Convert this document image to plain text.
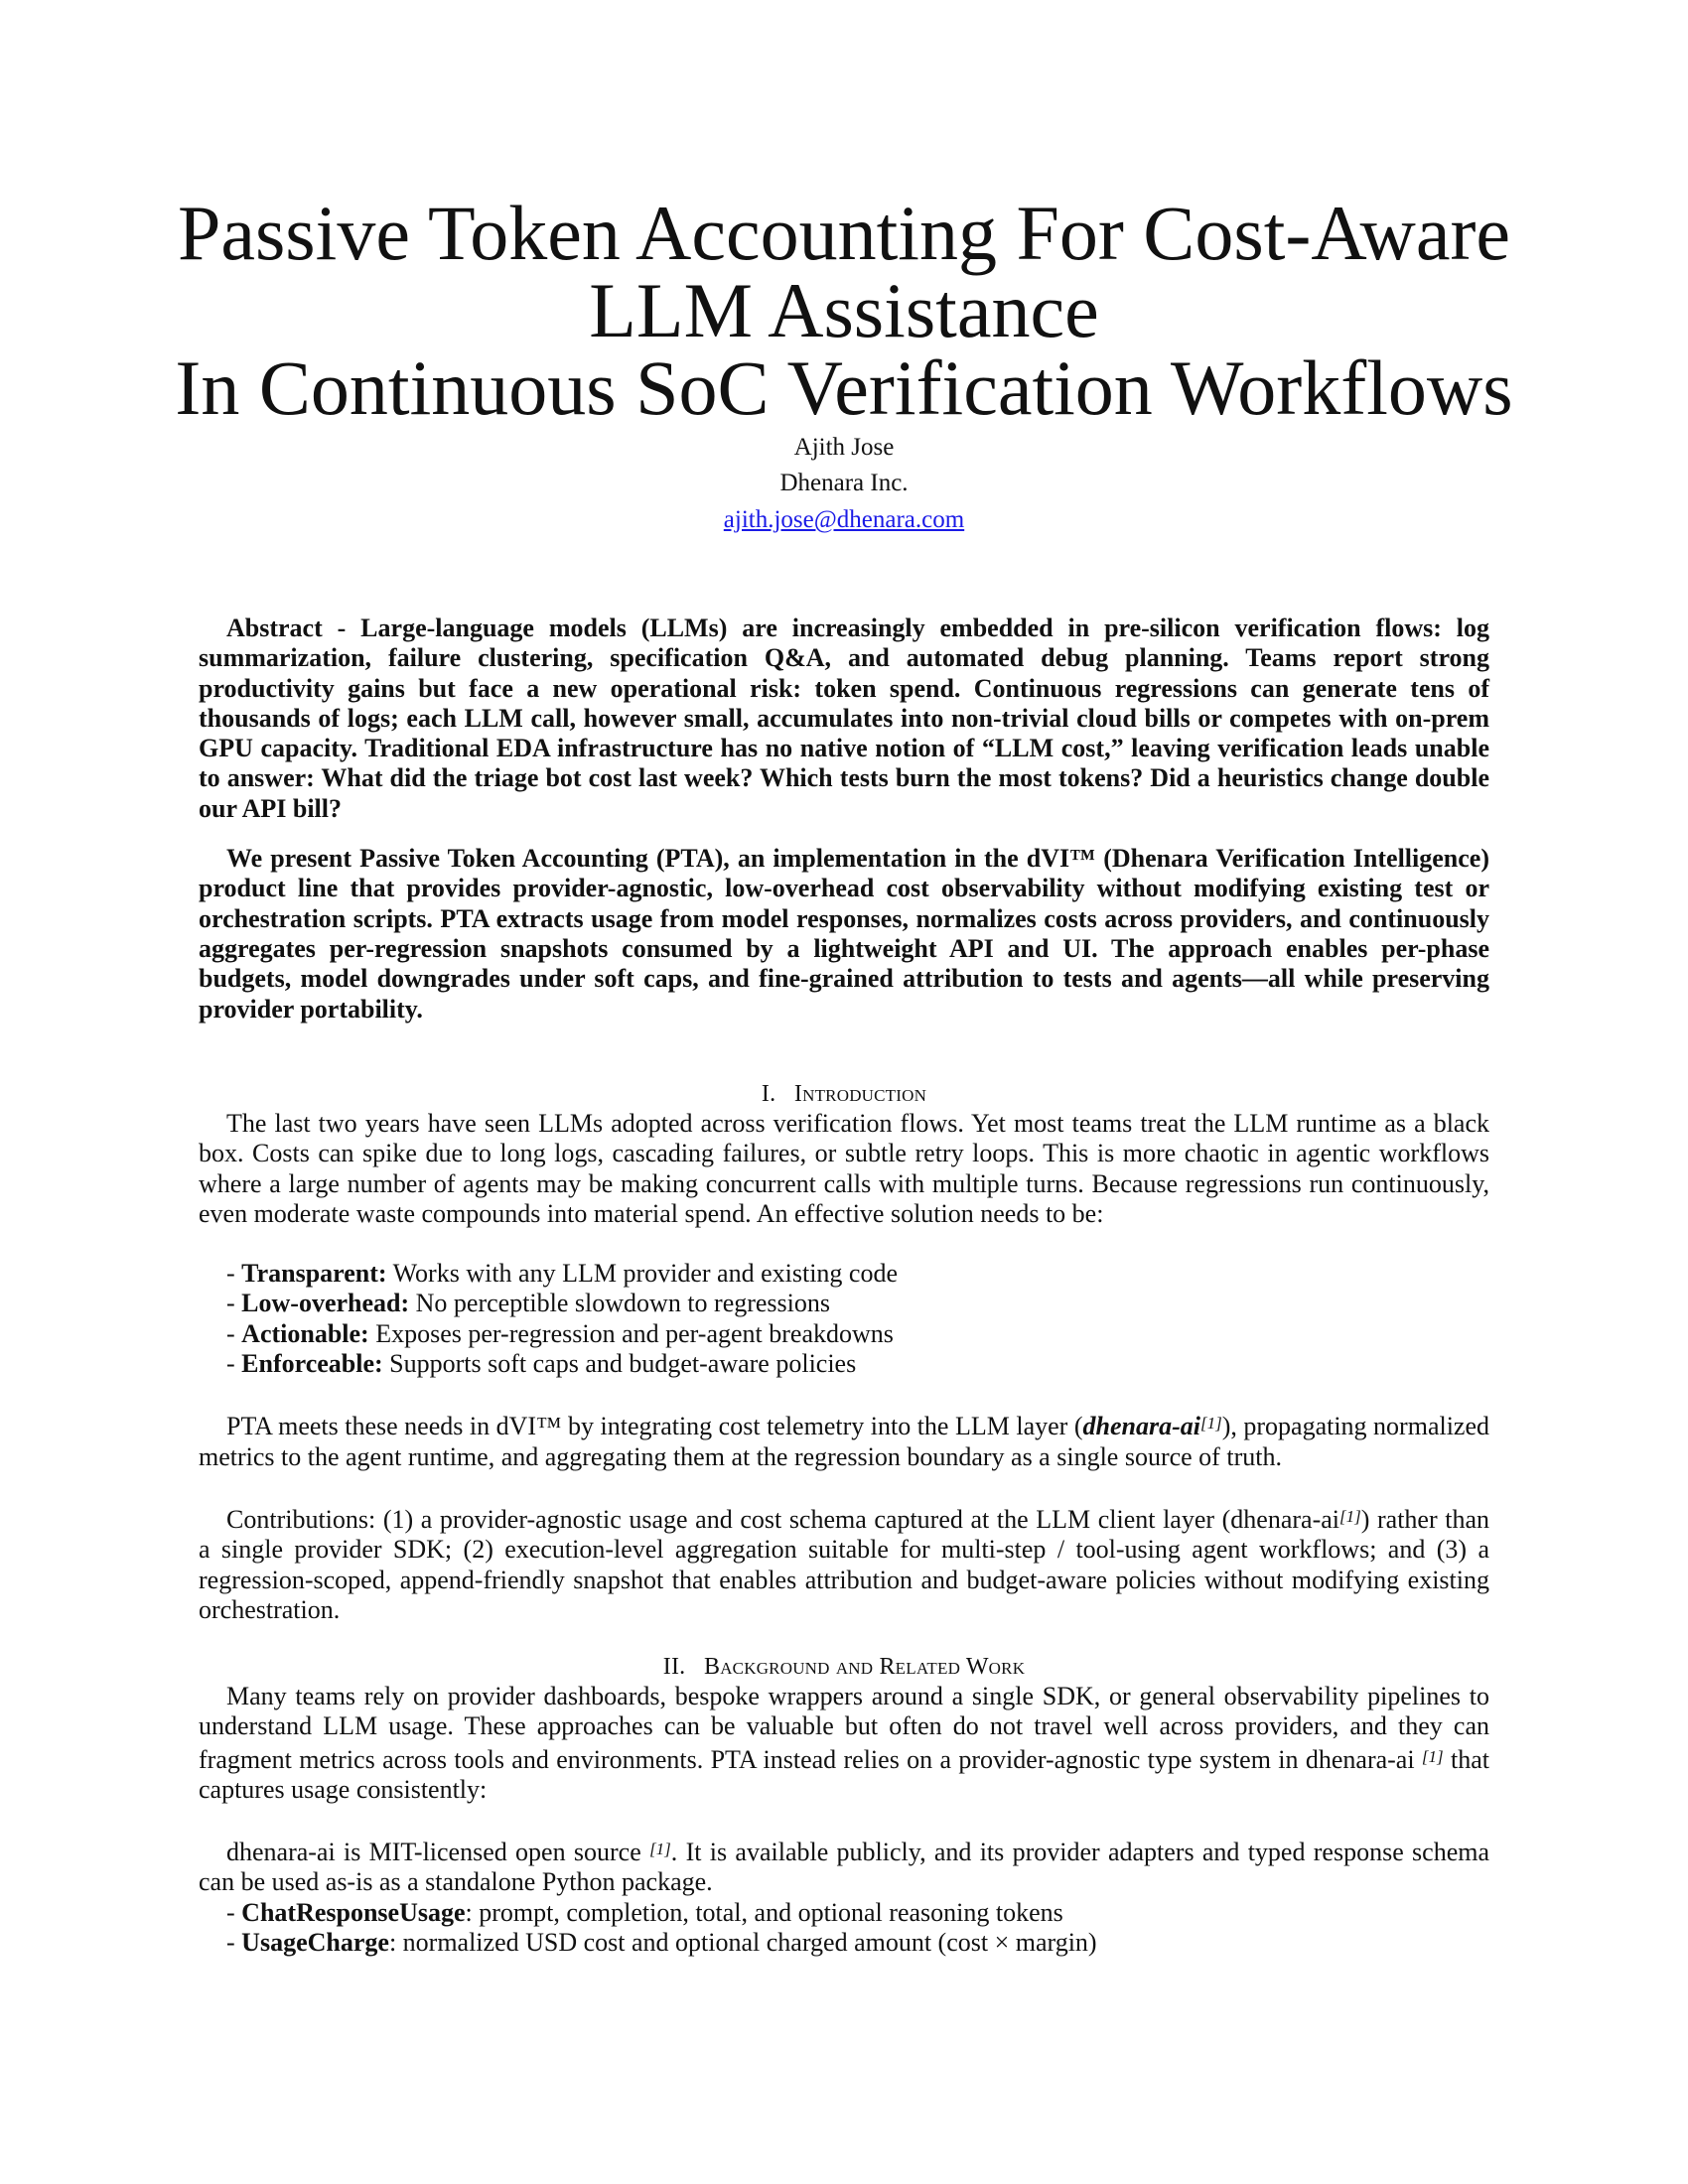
Passive Token Accounting For Cost-Aware
LLM Assistance
In Continuous SoC Verification Workflows
Ajith Jose
Dhenara Inc.
ajith.jose@dhenara.com

Abstract - Large-language models (LLMs) are increasingly embedded in pre-silicon verification flows: log summarization, failure clustering, specification Q&A, and automated debug planning. Teams report strong productivity gains but face a new operational risk: token spend. Continuous regressions can generate tens of thousands of logs; each LLM call, however small, accumulates into non-trivial cloud bills or competes with on-prem GPU capacity. Traditional EDA infrastructure has no native notion of “LLM cost,” leaving verification leads unable to answer: What did the triage bot cost last week? Which tests burn the most tokens? Did a heuristics change double our API bill?

We present Passive Token Accounting (PTA), an implementation in the dVI™ (Dhenara Verification Intelligence) product line that provides provider-agnostic, low-overhead cost observability without modifying existing test or orchestration scripts. PTA extracts usage from model responses, normalizes costs across providers, and continuously aggregates per-regression snapshots consumed by a lightweight API and UI. The approach enables per-phase budgets, model downgrades under soft caps, and fine-grained attribution to tests and agents—all while preserving provider portability.

I. Introduction

The last two years have seen LLMs adopted across verification flows. Yet most teams treat the LLM runtime as a black box. Costs can spike due to long logs, cascading failures, or subtle retry loops. This is more chaotic in agentic workflows where a large number of agents may be making concurrent calls with multiple turns. Because regressions run continuously, even moderate waste compounds into material spend. An effective solution needs to be:

- Transparent: Works with any LLM provider and existing code
- Low-overhead: No perceptible slowdown to regressions
- Actionable: Exposes per-regression and per-agent breakdowns
- Enforceable: Supports soft caps and budget-aware policies

PTA meets these needs in dVI™ by integrating cost telemetry into the LLM layer (dhenara-ai[1]), propagating normalized metrics to the agent runtime, and aggregating them at the regression boundary as a single source of truth.

Contributions: (1) a provider-agnostic usage and cost schema captured at the LLM client layer (dhenara-ai[1]) rather than a single provider SDK; (2) execution-level aggregation suitable for multi-step / tool-using agent workflows; and (3) a regression-scoped, append-friendly snapshot that enables attribution and budget-aware policies without modifying existing orchestration.

II. Background and Related Work

Many teams rely on provider dashboards, bespoke wrappers around a single SDK, or general observability pipelines to understand LLM usage. These approaches can be valuable but often do not travel well across providers, and they can fragment metrics across tools and environments. PTA instead relies on a provider-agnostic type system in dhenara-ai [1] that captures usage consistently:

dhenara-ai is MIT-licensed open source [1]. It is available publicly, and its provider adapters and typed response schema can be used as-is as a standalone Python package.

- ChatResponseUsage: prompt, completion, total, and optional reasoning tokens
- UsageCharge: normalized USD cost and optional charged amount (cost × margin)
